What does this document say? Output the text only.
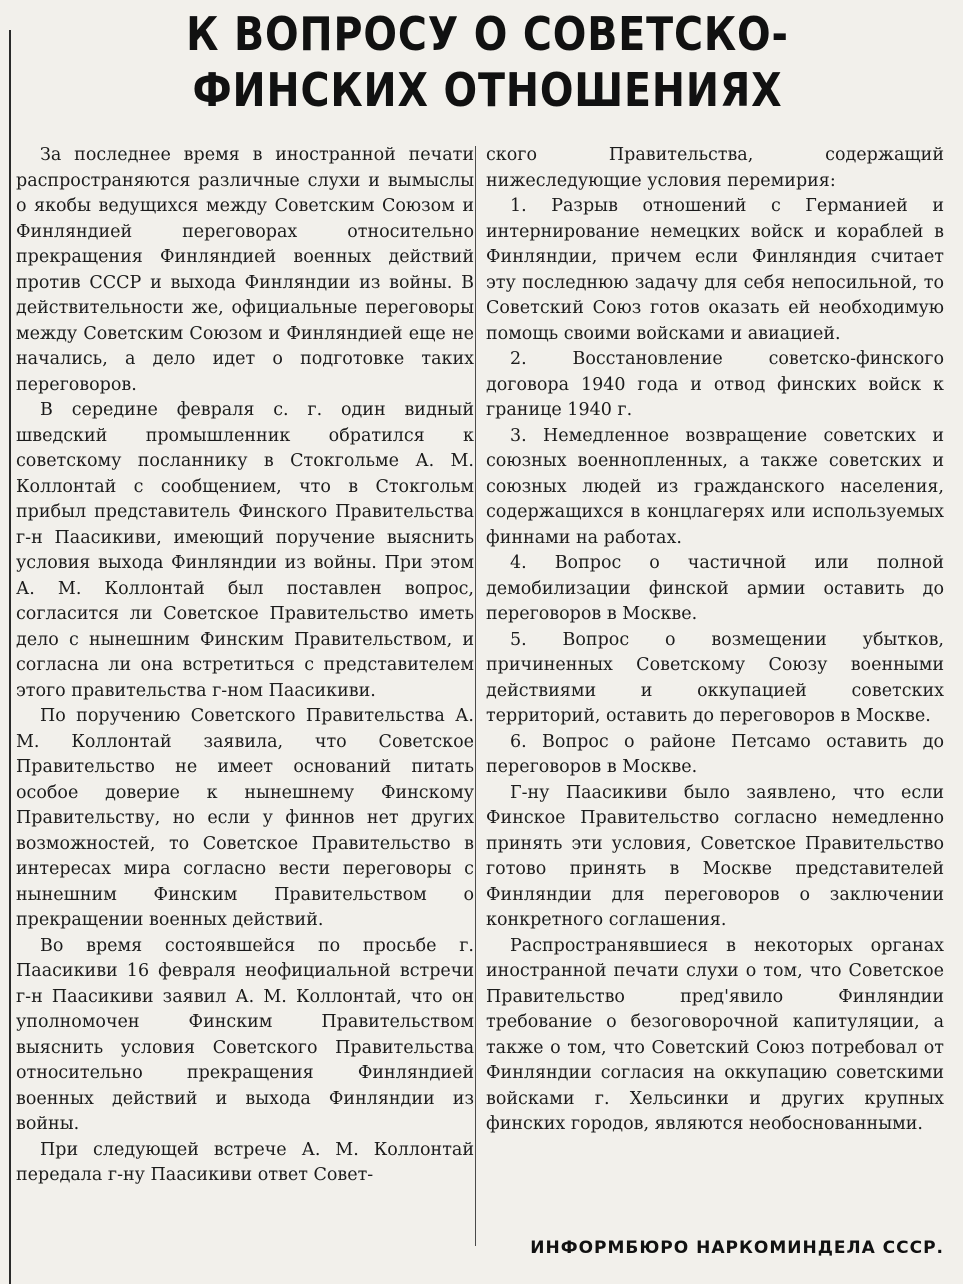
К ВОПРОСУ О СОВЕТСКО-ФИНСКИХ ОТНОШЕНИЯХ

За последнее время в иностранной печати распространяются различные слухи и вымыслы о якобы ведущихся между Советским Союзом и Финляндией переговорах относительно прекращения Финляндией военных действий против СССР и выхода Финляндии из войны. В действительности же, официальные переговоры между Советским Союзом и Финляндией еще не начались, а дело идет о подготовке таких переговоров.

В середине февраля с. г. один видный шведский промышленник обратился к советскому посланнику в Стокгольме А. М. Коллонтай с сообщением, что в Стокгольм прибыл представитель Финского Правительства г-н Паасикиви, имеющий поручение выяснить условия выхода Финляндии из войны. При этом А. М. Коллонтай был поставлен вопрос, согласится ли Советское Правительство иметь дело с нынешним Финским Правительством, и согласна ли она встретиться с представителем этого правительства г-ном Паасикиви.

По поручению Советского Правительства А. М. Коллонтай заявила, что Советское Правительство не имеет оснований питать особое доверие к нынешнему Финскому Правительству, но если у финнов нет других возможностей, то Советское Правительство в интересах мира согласно вести переговоры с нынешним Финским Правительством о прекращении военных действий.

Во время состоявшейся по просьбе г. Паасикиви 16 февраля неофициальной встречи г-н Паасикиви заявил А. М. Коллонтай, что он уполномочен Финским Правительством выяснить условия Советского Правительства относительно прекращения Финляндией военных действий и выхода Финляндии из войны.

При следующей встрече А. М. Коллонтай передала г-ну Паасикиви ответ Совет-

ского Правительства, содержащий нижеследующие условия перемирия:

1. Разрыв отношений с Германией и интернирование немецких войск и кораблей в Финляндии, причем если Финляндия считает эту последнюю задачу для себя непосильной, то Советский Союз готов оказать ей необходимую помощь своими войсками и авиацией.

2. Восстановление советско-финского договора 1940 года и отвод финских войск к границе 1940 г.

3. Немедленное возвращение советских и союзных военнопленных, а также советских и союзных людей из гражданского населения, содержащихся в концлагерях или используемых финнами на работах.

4. Вопрос о частичной или полной демобилизации финской армии оставить до переговоров в Москве.

5. Вопрос о возмещении убытков, причиненных Советскому Союзу военными действиями и оккупацией советских территорий, оставить до переговоров в Москве.

6. Вопрос о районе Петсамо оставить до переговоров в Москве.

Г-ну Паасикиви было заявлено, что если Финское Правительство согласно немедленно принять эти условия, Советское Правительство готово принять в Москве представителей Финляндии для переговоров о заключении конкретного соглашения.

Распространявшиеся в некоторых органах иностранной печати слухи о том, что Советское Правительство пред'явило Финляндии требование о безоговорочной капитуляции, а также о том, что Советский Союз потребовал от Финляндии согласия на оккупацию советскими войсками г. Хельсинки и других крупных финских городов, являются необоснованными.

ИНФОРМБЮРО НАРКОМИНДЕЛА СССР.
